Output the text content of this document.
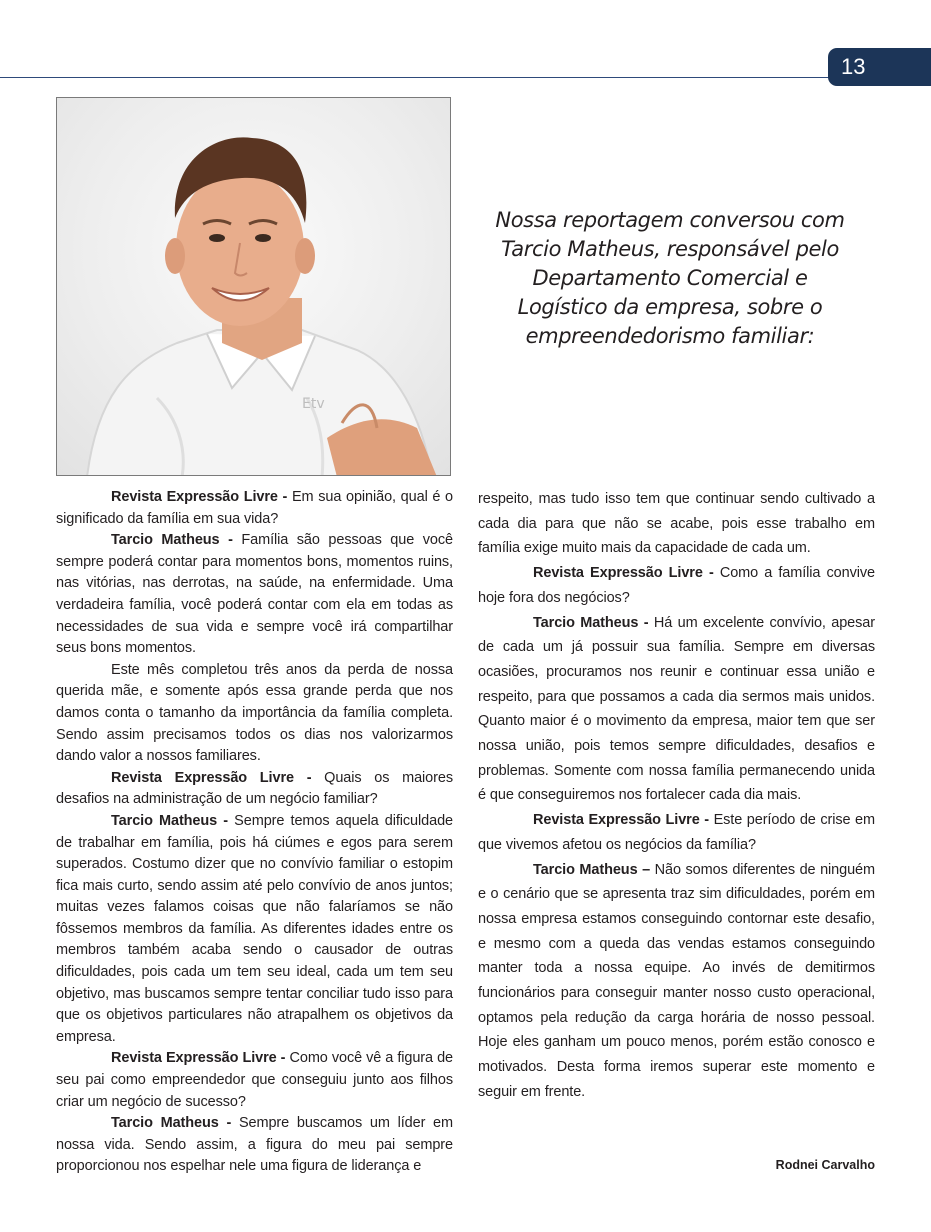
13
Etv
Nossa reportagem conversou com Tarcio Matheus, responsável pelo Departamento Comercial e Logístico da empresa, sobre o empreendedorismo familiar:

Revista Expressão Livre - Em sua opinião, qual é o significado da família em sua vida?

Tarcio Matheus - Família são pessoas que você sempre poderá contar para momentos bons, momentos ruins, nas vitórias, nas derrotas, na saúde, na enfermidade. Uma verdadeira família, você poderá contar com ela em todas as necessidades de sua vida e sempre você irá compartilhar seus bons momentos.

Este mês completou três anos da perda de nossa querida mãe, e somente após essa grande perda que nos damos conta o tamanho da importância da família completa. Sendo assim precisamos todos os dias nos valorizarmos dando valor a nossos familiares.

Revista Expressão Livre - Quais os maiores desafios na administração de um negócio familiar?

Tarcio Matheus - Sempre temos aquela dificuldade de trabalhar em família, pois há ciúmes e egos para serem superados. Costumo dizer que no convívio familiar o estopim fica mais curto, sendo assim até pelo convívio de anos juntos; muitas vezes falamos coisas que não falaríamos se não fôssemos membros da família. As diferentes idades entre os membros também acaba sendo o causador de outras dificuldades, pois cada um tem seu ideal, cada um tem seu objetivo, mas buscamos sempre tentar conciliar tudo isso para que os objetivos particulares não atrapalhem os objetivos da empresa.

Revista Expressão Livre - Como você vê a figura de seu pai como empreendedor que conseguiu junto aos filhos criar um negócio de sucesso?

Tarcio Matheus - Sempre buscamos um líder em nossa vida. Sendo assim, a figura do meu pai sempre proporcionou nos espelhar nele uma figura de liderança e

respeito, mas tudo isso tem que continuar sendo cultivado a cada dia para que não se acabe, pois esse trabalho em família exige muito mais da capacidade de cada um.

Revista Expressão Livre - Como a família convive hoje fora dos negócios?

Tarcio Matheus - Há um excelente convívio, apesar de cada um já possuir sua família. Sempre em diversas ocasiões, procuramos nos reunir e continuar essa união e respeito, para que possamos a cada dia sermos mais unidos. Quanto maior é o movimento da empresa, maior tem que ser nossa união, pois temos sempre dificuldades, desafios e problemas. Somente com nossa família permanecendo unida é que conseguiremos nos fortalecer cada dia mais.

Revista Expressão Livre - Este período de crise em que vivemos afetou os negócios da família?

Tarcio Matheus – Não somos diferentes de ninguém e o cenário que se apresenta traz sim dificuldades, porém em nossa empresa estamos conseguindo contornar este desafio, e mesmo com a queda das vendas estamos conseguindo manter toda a nossa equipe. Ao invés de demitirmos funcionários para conseguir manter nosso custo operacional, optamos pela redução da carga horária de nosso pessoal. Hoje eles ganham um pouco menos, porém estão conosco e motivados. Desta forma iremos superar este momento e seguir em frente.

Rodnei Carvalho
